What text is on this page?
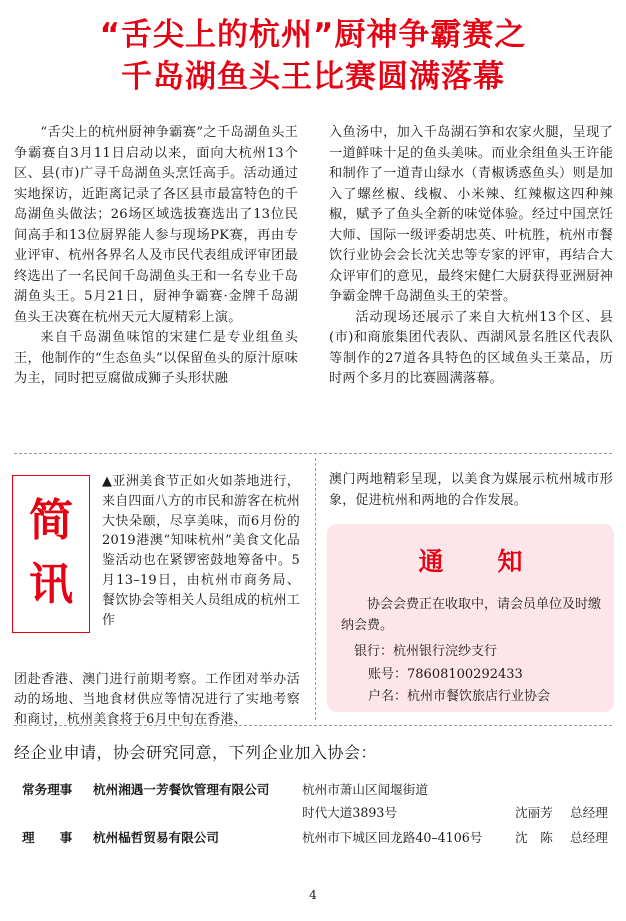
“舌尖上的杭州”厨神争霸赛之
千岛湖鱼头王比赛圆满落幕

“舌尖上的杭州厨神争霸赛”之千岛湖鱼头王争霸赛自3月11日启动以来，面向大杭州13个区、县(市)广寻千岛湖鱼头烹饪高手。活动通过实地探访，近距离记录了各区县市最富特色的千岛湖鱼头做法；26场区域选拔赛选出了13位民间高手和13位厨界能人参与现场PK赛，再由专业评审、杭州各界名人及市民代表组成评审团最终选出了一名民间千岛湖鱼头王和一名专业千岛湖鱼头王。5月21日，厨神争霸赛·金牌千岛湖鱼头王决赛在杭州天元大厦精彩上演。

来自千岛湖鱼味馆的宋建仁是专业组鱼头王，他制作的“生态鱼头”以保留鱼头的原汁原味为主，同时把豆腐做成狮子头形状融

入鱼汤中，加入千岛湖石笋和农家火腿，呈现了一道鲜味十足的鱼头美味。而业余组鱼头王许能和制作了一道青山绿水（青椒诱惑鱼头）则是加入了螺丝椒、线椒、小米辣、红辣椒这四种辣椒，赋予了鱼头全新的味觉体验。经过中国烹饪大师、国际一级评委胡忠英、叶杭胜，杭州市餐饮行业协会会长沈关忠等专家的评审，再结合大众评审们的意见，最终宋健仁大厨获得亚洲厨神争霸金牌千岛湖鱼头王的荣誉。

活动现场还展示了来自大杭州13个区、县(市)和商旅集团代表队、西湖风景名胜区代表队等制作的27道各具特色的区域鱼头王菜品，历时两个多月的比赛圆满落幕。

简
讯
▲亚洲美食节正如火如荼地进行，来自四面八方的市民和游客在杭州大快朵颐，尽享美味，而6月份的2019港澳“知味杭州”美食文化品鉴活动也在紧锣密鼓地筹备中。5月13–19日，由杭州市商务局、餐饮协会等相关人员组成的杭州工作
团赴香港、澳门进行前期考察。工作团对举办活动的场地、当地食材供应等情况进行了实地考察和商讨，杭州美食将于6月中旬在香港、
澳门两地精彩呈现，以美食为媒展示杭州城市形象，促进杭州和两地的合作发展。
通知

协会会费正在收取中，请会员单位及时缴纳会费。

银行：杭州银行浣纱支行
账号：78608100292433
户名：杭州市餐饮旅店行业协会
经企业申请，协会研究同意，下列企业加入协会：
常务理事 杭州湘遇一芳餐饮管理有限公司	杭州市萧山区闻堰街道
时代大道3893号	沈丽芳 总经理
理　　事 杭州榀哲贸易有限公司	杭州市下城区回龙路40–4106号	沈　陈 总经理
4
